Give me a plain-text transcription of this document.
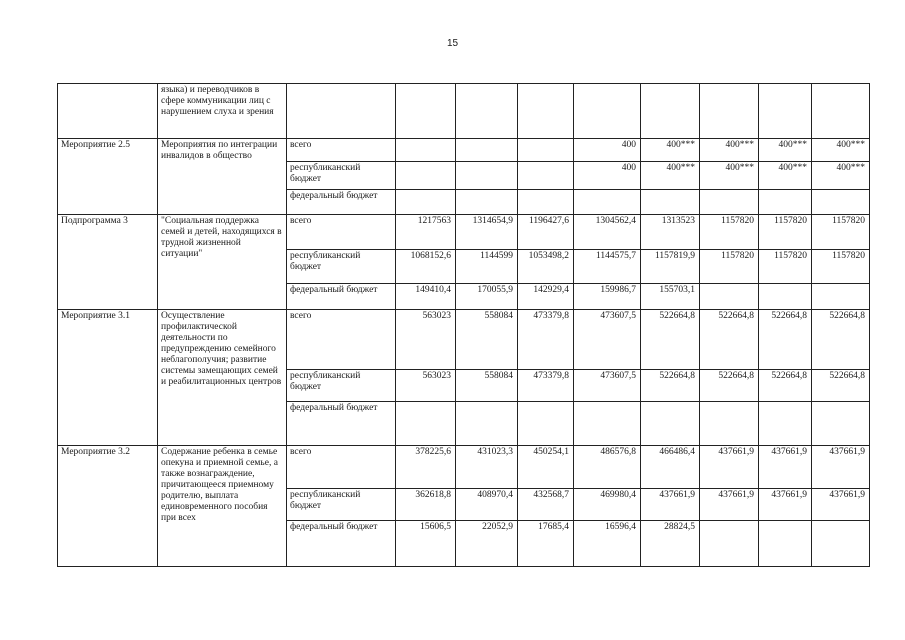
15
	языка) и переводчиков в сфере коммуникации лиц с нарушением слуха и зрения									
Мероприятие 2.5	Мероприятия по интеграции инвалидов в общество	всего				400	400***	400***	400***	400***
		республиканский бюджет				400	400***	400***	400***	400***
		федеральный бюджет								
Подпрограмма 3	"Социальная поддержка семей и детей, находящихся в трудной жизненной ситуации"	всего	1217563	1314654,9	1196427,6	1304562,4	1313523	1157820	1157820	1157820
		республиканский бюджет	1068152,6	1144599	1053498,2	1144575,7	1157819,9	1157820	1157820	1157820
		федеральный бюджет	149410,4	170055,9	142929,4	159986,7	155703,1			
Мероприятие 3.1	Осуществление профилактической деятельности по предупреждению семейного неблагополучия; развитие системы замещающих семей и реабилитационных центров	всего	563023	558084	473379,8	473607,5	522664,8	522664,8	522664,8	522664,8
		республиканский бюджет	563023	558084	473379,8	473607,5	522664,8	522664,8	522664,8	522664,8
		федеральный бюджет								
Мероприятие 3.2	Содержание ребенка в семье опекуна и приемной семье, а также вознаграждение, причитающееся приемному родителю, выплата единовременного пособия при всех	всего	378225,6	431023,3	450254,1	486576,8	466486,4	437661,9	437661,9	437661,9
		республиканский бюджет	362618,8	408970,4	432568,7	469980,4	437661,9	437661,9	437661,9	437661,9
		федеральный бюджет	15606,5	22052,9	17685,4	16596,4	28824,5			
